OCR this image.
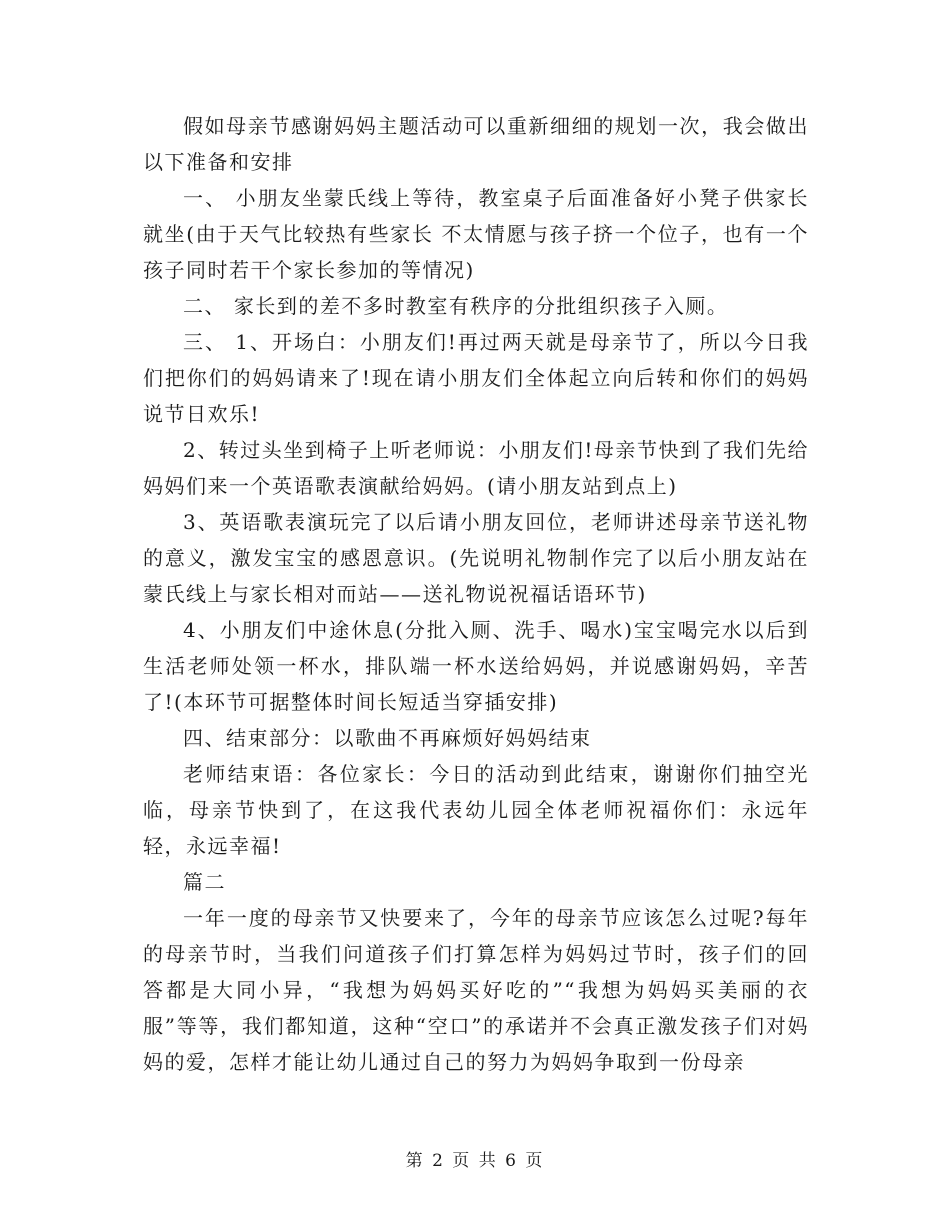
假如母亲节感谢妈妈主题活动可以重新细细的规划一次，我会做出以下准备和安排

一、 小朋友坐蒙氏线上等待，教室桌子后面准备好小凳子供家长就坐(由于天气比较热有些家长 不太情愿与孩子挤一个位子，也有一个孩子同时若干个家长参加的等情况)

二、 家长到的差不多时教室有秩序的分批组织孩子入厕。

三、 1、开场白：小朋友们!再过两天就是母亲节了，所以今日我们把你们的妈妈请来了!现在请小朋友们全体起立向后转和你们的妈妈说节日欢乐!

2、转过头坐到椅子上听老师说：小朋友们!母亲节快到了我们先给妈妈们来一个英语歌表演献给妈妈。(请小朋友站到点上)

3、英语歌表演玩完了以后请小朋友回位，老师讲述母亲节送礼物的意义，激发宝宝的感恩意识。(先说明礼物制作完了以后小朋友站在蒙氏线上与家长相对而站——送礼物说祝福话语环节)

4、小朋友们中途休息(分批入厕、洗手、喝水)宝宝喝完水以后到生活老师处领一杯水，排队端一杯水送给妈妈，并说感谢妈妈，辛苦了!(本环节可据整体时间长短适当穿插安排)

四、结束部分：以歌曲不再麻烦好妈妈结束

老师结束语：各位家长：今日的活动到此结束，谢谢你们抽空光临，母亲节快到了，在这我代表幼儿园全体老师祝福你们：永远年轻，永远幸福!

篇二

一年一度的母亲节又快要来了，今年的母亲节应该怎么过呢?每年的母亲节时，当我们问道孩子们打算怎样为妈妈过节时，孩子们的回答都是大同小异，“我想为妈妈买好吃的”“我想为妈妈买美丽的衣服”等等，我们都知道，这种“空口”的承诺并不会真正激发孩子们对妈妈的爱，怎样才能让幼儿通过自己的努力为妈妈争取到一份母亲

第 2 页 共 6 页
